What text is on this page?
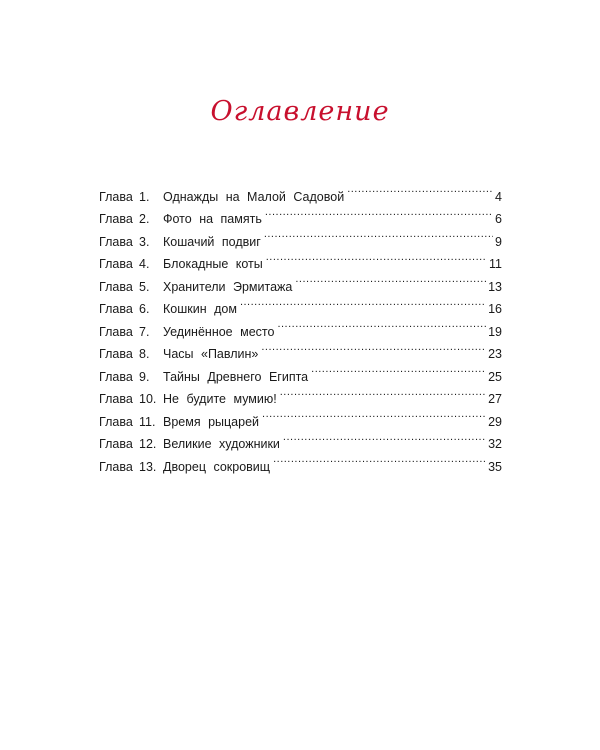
Оглавление
Глава 1.	Однажды на Малой Садовой .....	4
Глава 2.	Фото на память .....	6
Глава 3.	Кошачий подвиг .....	9
Глава 4.	Блокадные коты .....	11
Глава 5.	Хранители Эрмитажа .....	13
Глава 6.	Кошкин дом .....	16
Глава 7.	Уединённое место .....	19
Глава 8.	Часы «Павлин» .....	23
Глава 9.	Тайны Древнего Египта .....	25
Глава 10. Не будите мумию! .....	27
Глава 11. Время рыцарей .....	29
Глава 12. Великие художники .....	32
Глава 13. Дворец сокровищ .....	35
